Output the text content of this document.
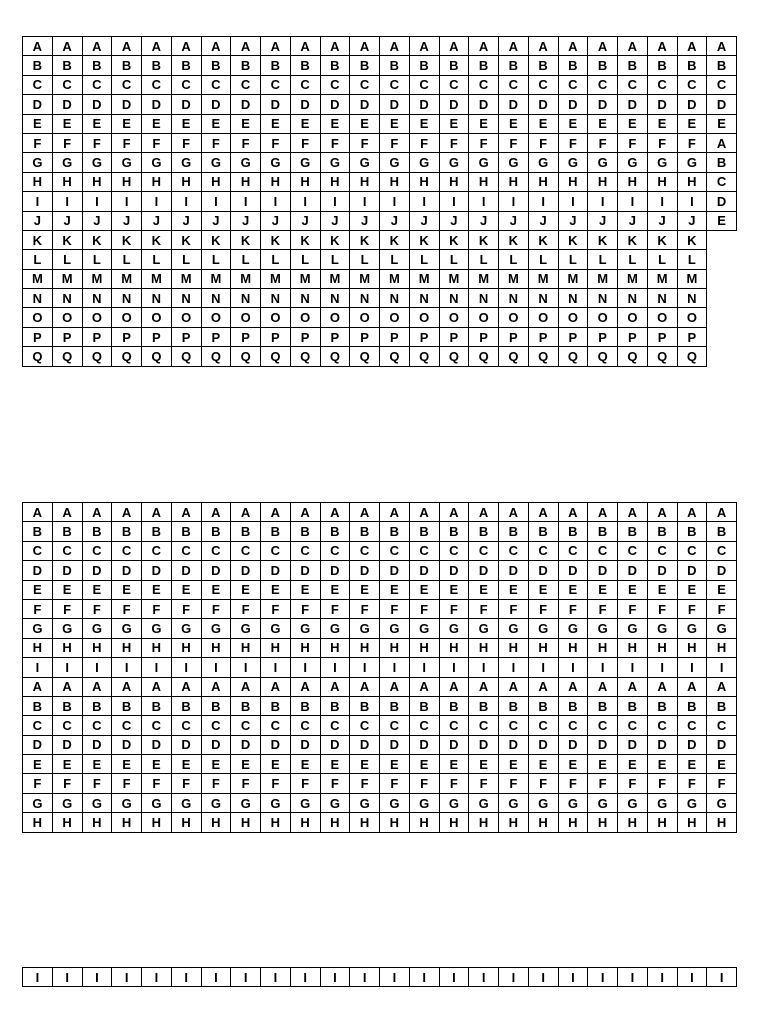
A	A	A	A	A	A	A	A	A	A	A	A	A	A	A	A	A	A	A	A	A	A	A	A
B	B	B	B	B	B	B	B	B	B	B	B	B	B	B	B	B	B	B	B	B	B	B	B
C	C	C	C	C	C	C	C	C	C	C	C	C	C	C	C	C	C	C	C	C	C	C	C
D	D	D	D	D	D	D	D	D	D	D	D	D	D	D	D	D	D	D	D	D	D	D	D
E	E	E	E	E	E	E	E	E	E	E	E	E	E	E	E	E	E	E	E	E	E	E	E
F	F	F	F	F	F	F	F	F	F	F	F	F	F	F	F	F	F	F	F	F	F	F	A
G	G	G	G	G	G	G	G	G	G	G	G	G	G	G	G	G	G	G	G	G	G	G	B
H	H	H	H	H	H	H	H	H	H	H	H	H	H	H	H	H	H	H	H	H	H	H	C
I	I	I	I	I	I	I	I	I	I	I	I	I	I	I	I	I	I	I	I	I	I	I	D
J	J	J	J	J	J	J	J	J	J	J	J	J	J	J	J	J	J	J	J	J	J	J	E
K	K	K	K	K	K	K	K	K	K	K	K	K	K	K	K	K	K	K	K	K	K	K	
L	L	L	L	L	L	L	L	L	L	L	L	L	L	L	L	L	L	L	L	L	L	L	
M	M	M	M	M	M	M	M	M	M	M	M	M	M	M	M	M	M	M	M	M	M	M	
N	N	N	N	N	N	N	N	N	N	N	N	N	N	N	N	N	N	N	N	N	N	N	
O	O	O	O	O	O	O	O	O	O	O	O	O	O	O	O	O	O	O	O	O	O	O	
P	P	P	P	P	P	P	P	P	P	P	P	P	P	P	P	P	P	P	P	P	P	P	
Q	Q	Q	Q	Q	Q	Q	Q	Q	Q	Q	Q	Q	Q	Q	Q	Q	Q	Q	Q	Q	Q	Q	
A	A	A	A	A	A	A	A	A	A	A	A	A	A	A	A	A	A	A	A	A	A	A	A
B	B	B	B	B	B	B	B	B	B	B	B	B	B	B	B	B	B	B	B	B	B	B	B
C	C	C	C	C	C	C	C	C	C	C	C	C	C	C	C	C	C	C	C	C	C	C	C
D	D	D	D	D	D	D	D	D	D	D	D	D	D	D	D	D	D	D	D	D	D	D	D
E	E	E	E	E	E	E	E	E	E	E	E	E	E	E	E	E	E	E	E	E	E	E	E
F	F	F	F	F	F	F	F	F	F	F	F	F	F	F	F	F	F	F	F	F	F	F	F
G	G	G	G	G	G	G	G	G	G	G	G	G	G	G	G	G	G	G	G	G	G	G	G
H	H	H	H	H	H	H	H	H	H	H	H	H	H	H	H	H	H	H	H	H	H	H	H
I	I	I	I	I	I	I	I	I	I	I	I	I	I	I	I	I	I	I	I	I	I	I	I
A	A	A	A	A	A	A	A	A	A	A	A	A	A	A	A	A	A	A	A	A	A	A	A
B	B	B	B	B	B	B	B	B	B	B	B	B	B	B	B	B	B	B	B	B	B	B	B
C	C	C	C	C	C	C	C	C	C	C	C	C	C	C	C	C	C	C	C	C	C	C	C
D	D	D	D	D	D	D	D	D	D	D	D	D	D	D	D	D	D	D	D	D	D	D	D
E	E	E	E	E	E	E	E	E	E	E	E	E	E	E	E	E	E	E	E	E	E	E	E
F	F	F	F	F	F	F	F	F	F	F	F	F	F	F	F	F	F	F	F	F	F	F	F
G	G	G	G	G	G	G	G	G	G	G	G	G	G	G	G	G	G	G	G	G	G	G	G
H	H	H	H	H	H	H	H	H	H	H	H	H	H	H	H	H	H	H	H	H	H	H	H
I	I	I	I	I	I	I	I	I	I	I	I	I	I	I	I	I	I	I	I	I	I	I	I
